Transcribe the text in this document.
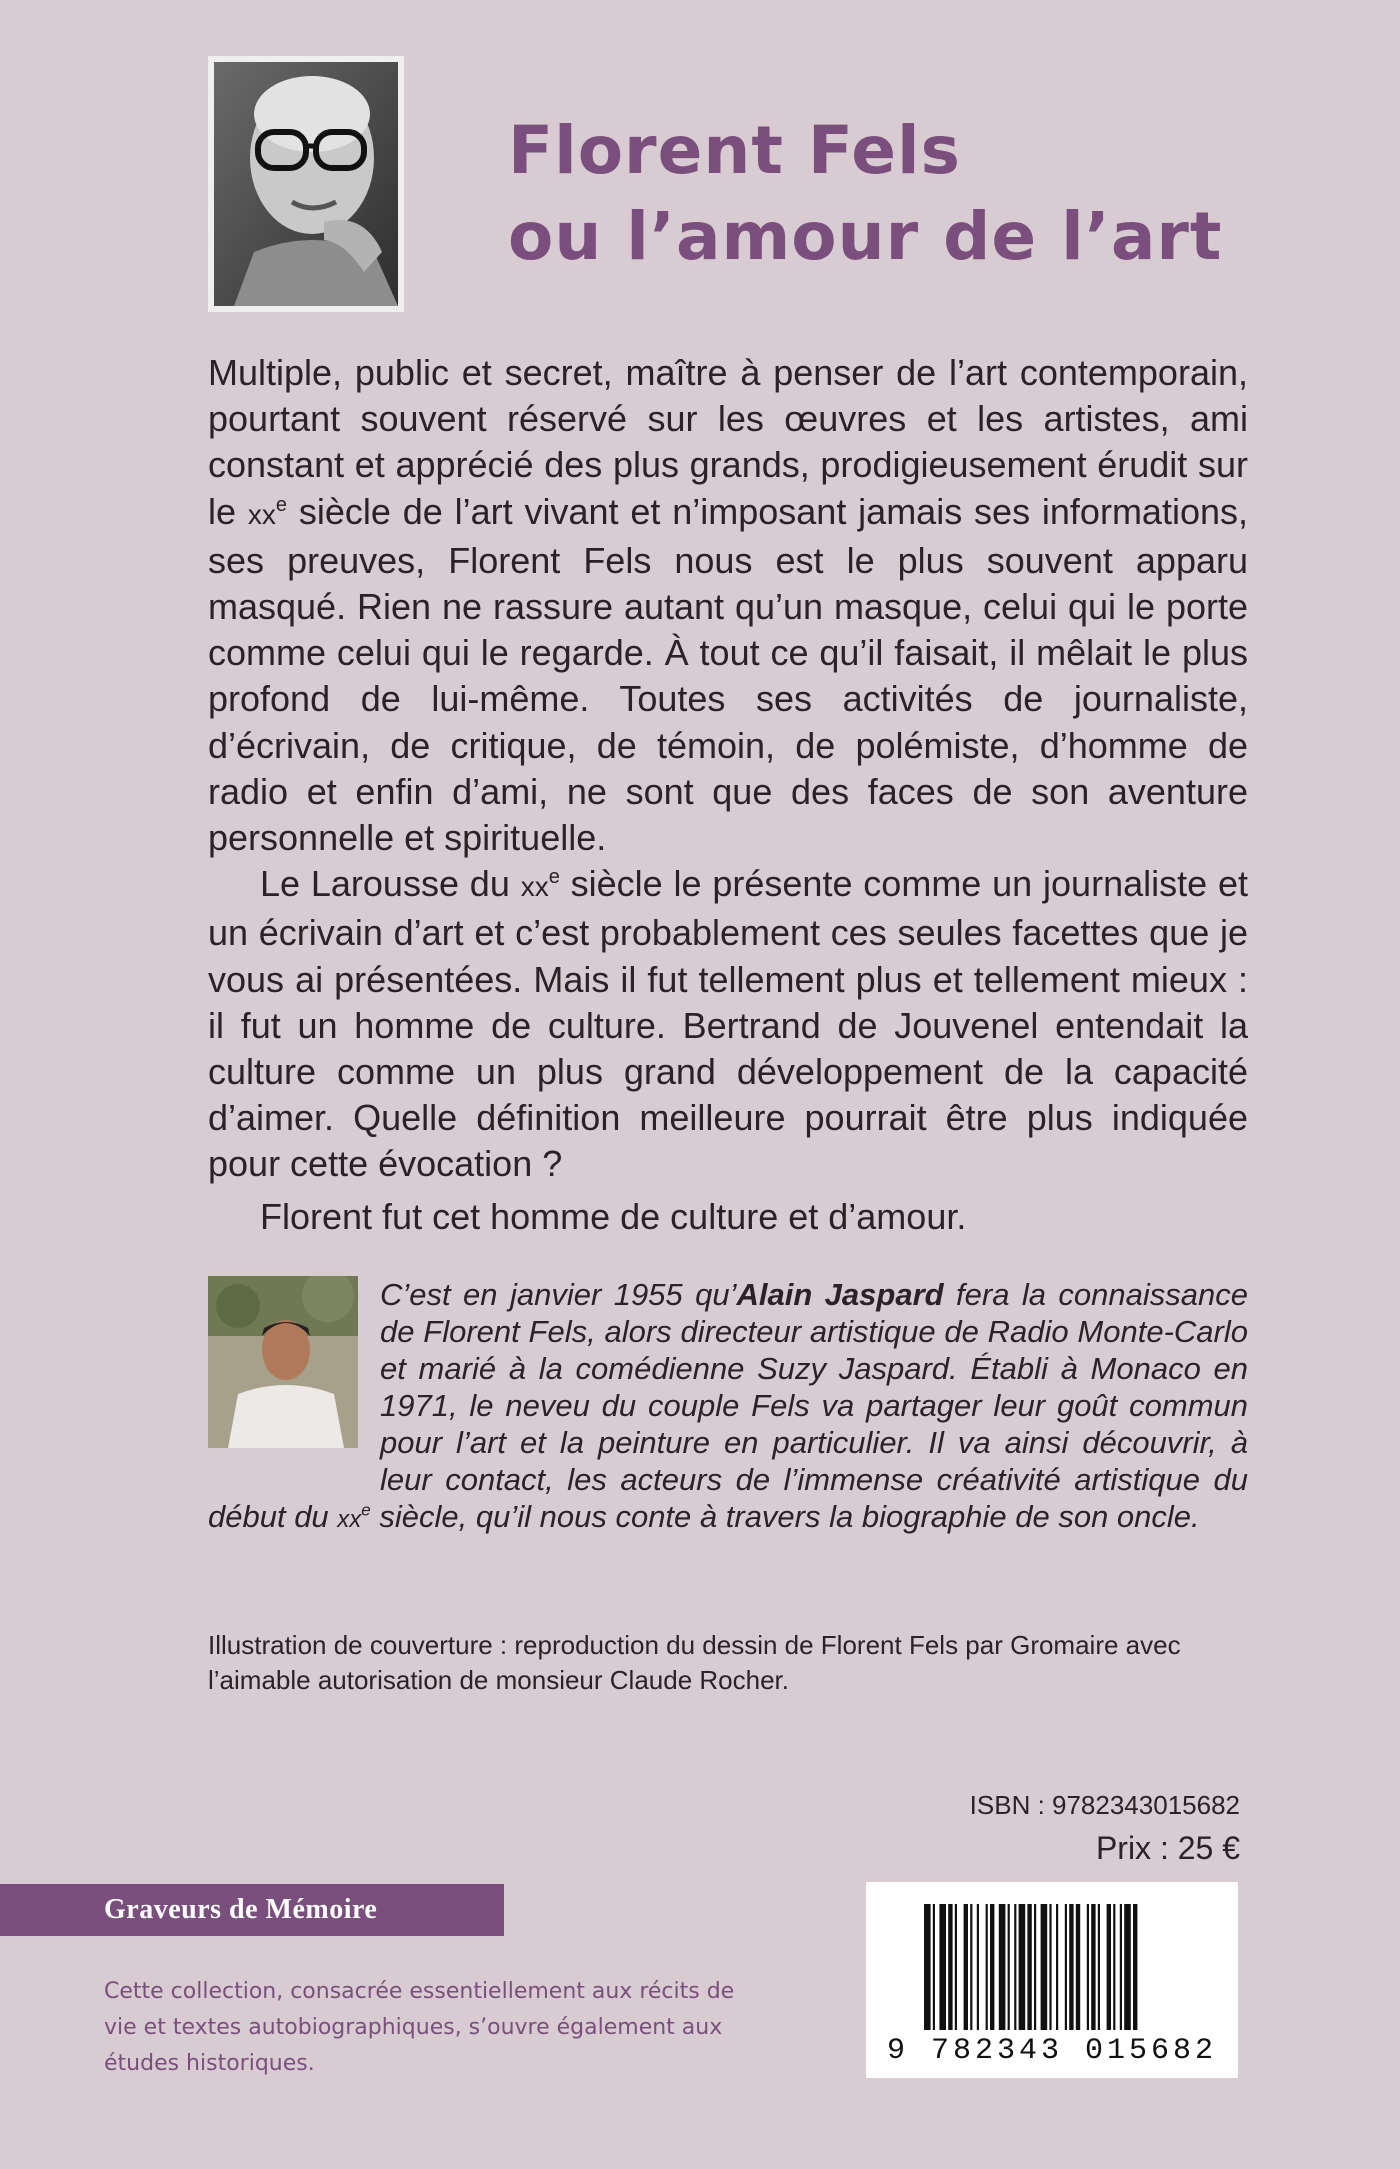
Florent Fels
ou l’amour de l’art

Multiple, public et secret, maître à penser de l’art contemporain, pourtant souvent réservé sur les œuvres et les artistes, ami constant et apprécié des plus grands, prodigieusement érudit sur le $xx^e$ siècle de l’art vivant et n’imposant jamais ses informations, ses preuves, Florent Fels nous est le plus souvent apparu masqué. Rien ne rassure autant qu’un masque, celui qui le porte comme celui qui le regarde. À tout ce qu’il faisait, il mêlait le plus profond de lui-même. Toutes ses activités de journaliste, d’écrivain, de critique, de témoin, de polémiste, d’homme de radio et enfin d’ami, ne sont que des faces de son aventure personnelle et spirituelle.

Le Larousse du $xx^e$ siècle le présente comme un journaliste et un écrivain d’art et c’est probablement ces seules facettes que je vous ai présentées. Mais il fut tellement plus et tellement mieux : il fut un homme de culture. Bertrand de Jouvenel entendait la culture comme un plus grand développement de la capacité d’aimer. Quelle définition meilleure pourrait être plus indiquée pour cette évocation ?

Florent fut cet homme de culture et d’amour.

C’est en janvier 1955 qu’Alain Jaspard fera la connaissance de Florent Fels, alors directeur artistique de Radio Monte-Carlo et marié à la comédienne Suzy Jaspard. Établi à Monaco en 1971, le neveu du couple Fels va partager leur goût commun pour l’art et la peinture en particulier. Il va ainsi découvrir, à leur contact, les acteurs de l’immense créativité artistique du début du $xx^e$ siècle, qu’il nous conte à travers la biographie de son oncle.
Illustration de couverture : reproduction du dessin de Florent Fels par Gromaire avec l’aimable autorisation de monsieur Claude Rocher.
ISBN : 9782343015682
Prix : 25 €
Graveurs de Mémoire
Cette collection, consacrée essentiellement aux récits de vie et textes autobiographiques, s’ouvre également aux études historiques.	9 782343 015682
